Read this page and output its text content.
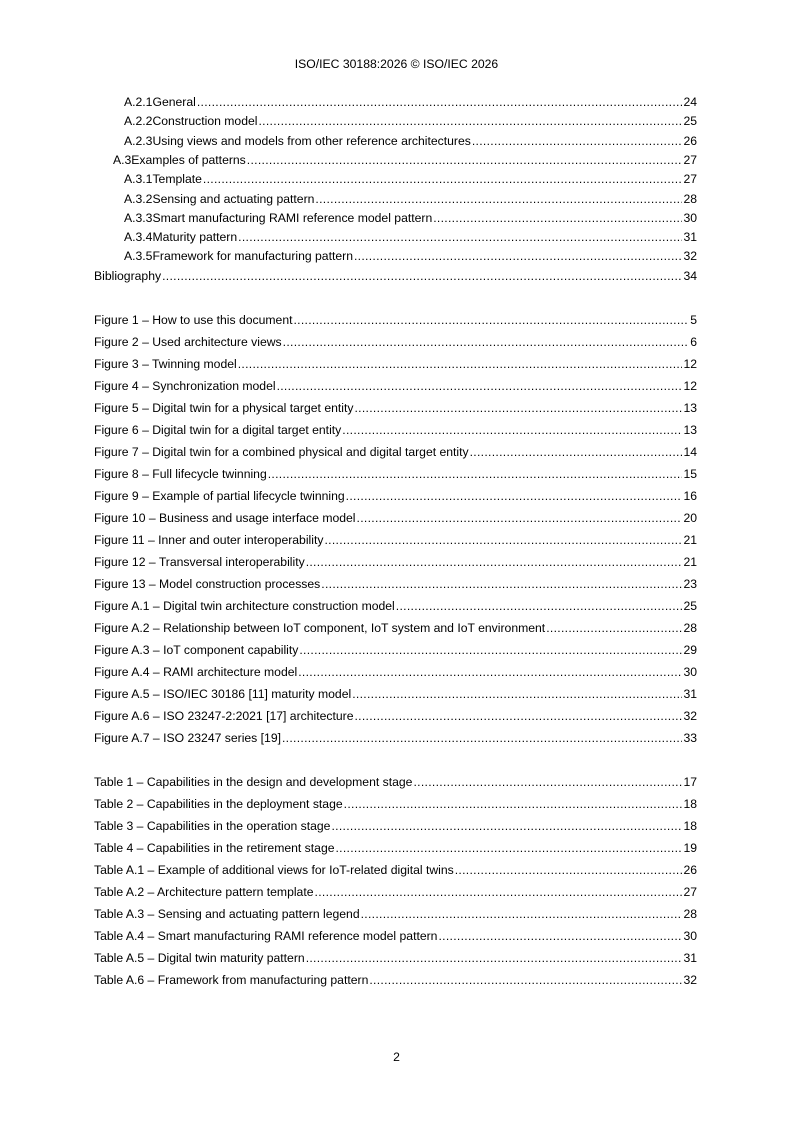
ISO/IEC 30188:2026 © ISO/IEC 2026
A.2.1 General .....	24
A.2.2 Construction model .....	25
A.2.3 Using views and models from other reference architectures .....	26
A.3 Examples of patterns .....	27
A.3.1 Template .....	27
A.3.2 Sensing and actuating pattern .....	28
A.3.3 Smart manufacturing RAMI reference model pattern .....	30
A.3.4 Maturity pattern .....	31
A.3.5 Framework for manufacturing pattern .....	32
Bibliography .....	34
Figure 1 – How to use this document .....	5
Figure 2 – Used architecture views .....	6
Figure 3 – Twinning model .....	12
Figure 4 – Synchronization model .....	12
Figure 5 – Digital twin for a physical target entity .....	13
Figure 6 – Digital twin for a digital target entity .....	13
Figure 7 – Digital twin for a combined physical and digital target entity .....	14
Figure 8 – Full lifecycle twinning .....	15
Figure 9 – Example of partial lifecycle twinning .....	16
Figure 10 – Business and usage interface model .....	20
Figure 11 – Inner and outer interoperability .....	21
Figure 12 – Transversal interoperability .....	21
Figure 13 – Model construction processes .....	23
Figure A.1 – Digital twin architecture construction model .....	25
Figure A.2 – Relationship between IoT component, IoT system and IoT environment .....	28
Figure A.3 – IoT component capability .....	29
Figure A.4 – RAMI architecture model .....	30
Figure A.5 – ISO/IEC 30186 [11] maturity model .....	31
Figure A.6 – ISO 23247-2:2021 [17] architecture .....	32
Figure A.7 – ISO 23247 series [19] .....	33
Table 1 – Capabilities in the design and development stage .....	17
Table 2 – Capabilities in the deployment stage .....	18
Table 3 – Capabilities in the operation stage .....	18
Table 4 – Capabilities in the retirement stage .....	19
Table A.1 – Example of additional views for IoT-related digital twins .....	26
Table A.2 – Architecture pattern template .....	27
Table A.3 – Sensing and actuating pattern legend .....	28
Table A.4 – Smart manufacturing RAMI reference model pattern .....	30
Table A.5 – Digital twin maturity pattern .....	31
Table A.6 – Framework from manufacturing pattern .....	32
2
